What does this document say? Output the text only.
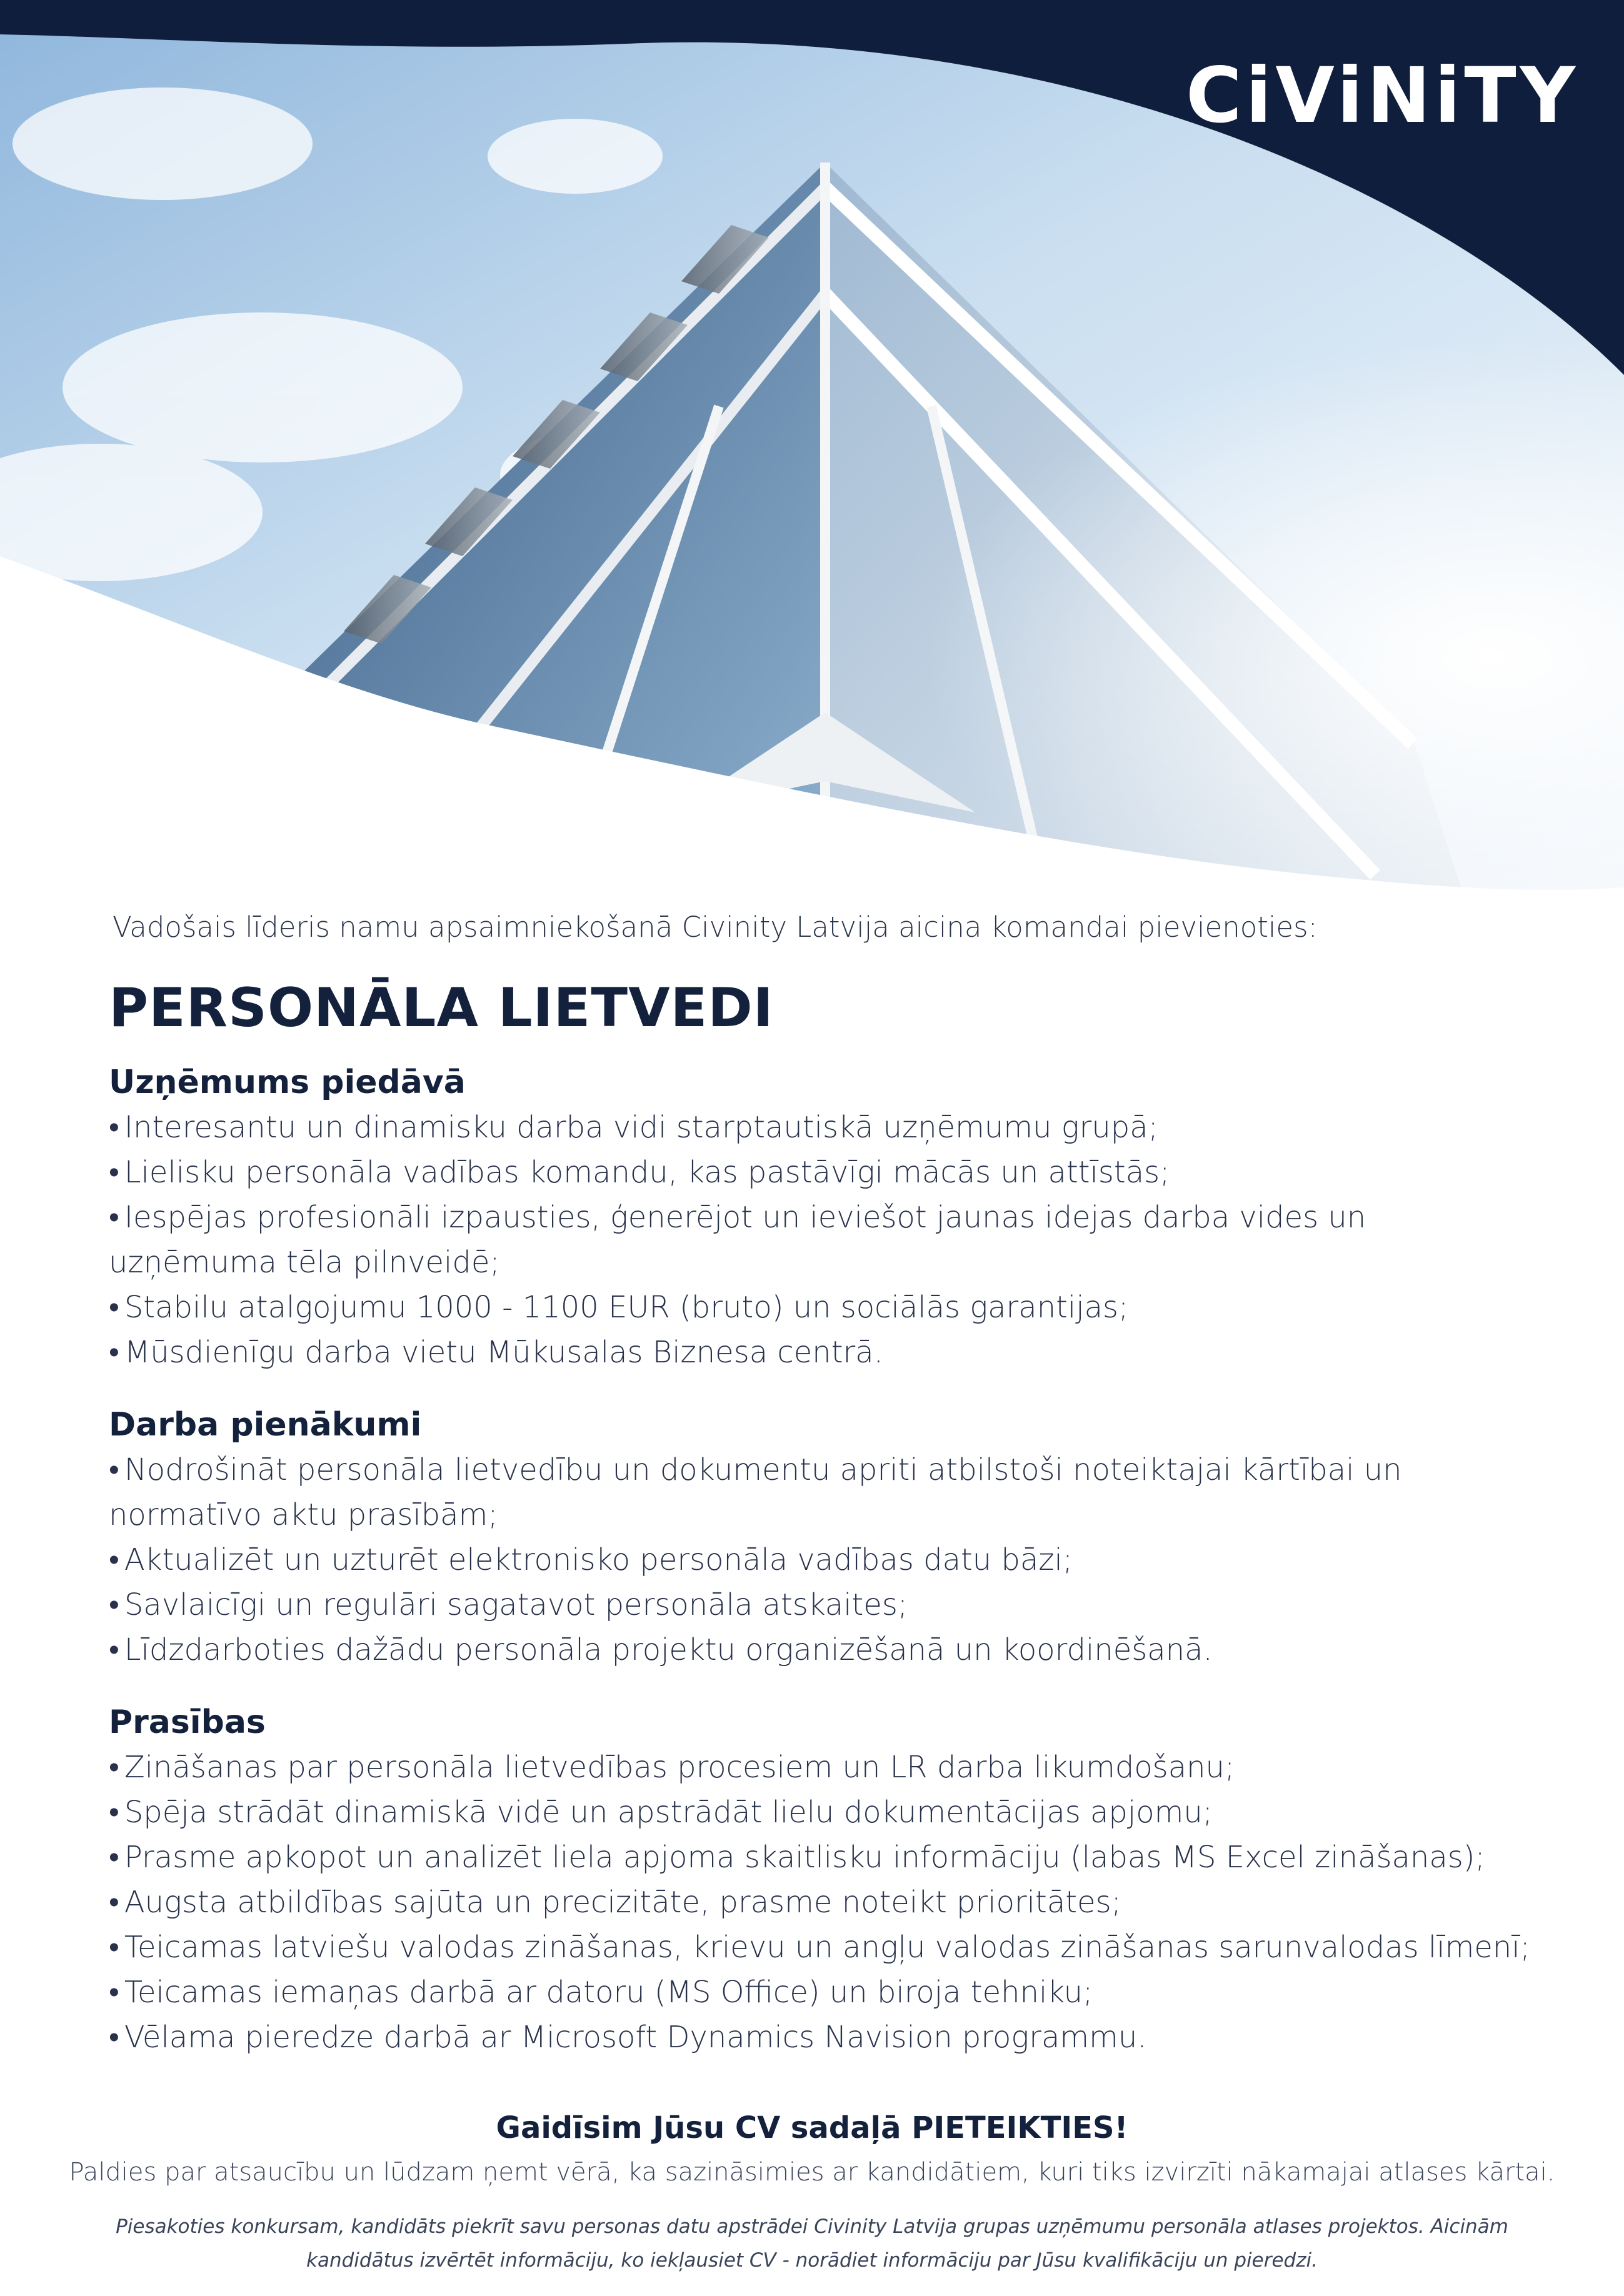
CiViNiTY

Vadošais līderis namu apsaimniekošanā Civinity Latvija aicina komandai pievienoties:

PERSONĀLA LIETVEDI
Uzņēmums piedāvā
• Interesantu un dinamisku darba vidi starptautiskā uzņēmumu grupā;
• Lielisku personāla vadības komandu, kas pastāvīgi mācās un attīstās;
• Iespējas profesionāli izpausties, ģenerējot un ieviešot jaunas idejas darba vides un uzņēmuma tēla pilnveidē;
• Stabilu atalgojumu 1000 - 1100 EUR (bruto) un sociālās garantijas;
• Mūsdienīgu darba vietu Mūkusalas Biznesa centrā.
Darba pienākumi
• Nodrošināt personāla lietvedību un dokumentu apriti atbilstoši noteiktajai kārtībai un normatīvo aktu prasībām;
• Aktualizēt un uzturēt elektronisko personāla vadības datu bāzi;
• Savlaicīgi un regulāri sagatavot personāla atskaites;
• Līdzdarboties dažādu personāla projektu organizēšanā un koordinēšanā.
Prasības
• Zināšanas par personāla lietvedības procesiem un LR darba likumdošanu;
• Spēja strādāt dinamiskā vidē un apstrādāt lielu dokumentācijas apjomu;
• Prasme apkopot un analizēt liela apjoma skaitlisku informāciju (labas MS Excel zināšanas);
• Augsta atbildības sajūta un precizitāte, prasme noteikt prioritātes;
• Teicamas latviešu valodas zināšanas, krievu un angļu valodas zināšanas sarunvalodas līmenī;
• Teicamas iemaņas darbā ar datoru (MS Office) un biroja tehniku;
• Vēlama pieredze darbā ar Microsoft Dynamics Navision programmu.
Gaidīsim Jūsu CV sadaļā PIETEIKTIES!
Paldies par atsaucību un lūdzam ņemt vērā, ka sazināsimies ar kandidātiem, kuri tiks izvirzīti nākamajai atlases kārtai.
Piesakoties konkursam, kandidāts piekrīt savu personas datu apstrādei Civinity Latvija grupas uzņēmumu personāla atlases projektos. Aicinām kandidātus izvērtēt informāciju, ko iekļausiet CV - norādiet informāciju par Jūsu kvalifikāciju un pieredzi.
